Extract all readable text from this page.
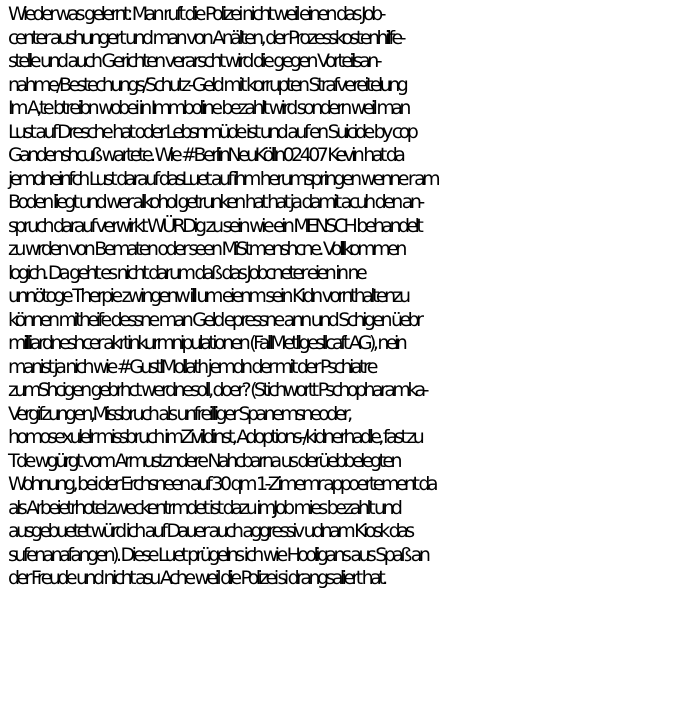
Wieder was gelernt: Man ruft die Polizei nicht weil einen das Job-
center aushungert und man von Anälten, der Prozesskostenhilfe-
stelle und auch Gerichten verarscht wird die gegen Vorteilsan-
nahme/Bestechungs/Schutz-Geld mit korrupten Strafvereitelung
Im A,te btreibn wobei in Immboline bezahlt wird sondern weil man
Lust auf Dresche hat oder Lebsnmüde ist und auf en Suicide by cop
Gandenshcuß wartete. Wie #BerlinNeuKölln02407 Kevin hat da
jemdneinfch Lust darauf dasLuet auf ihm herumspringen wenne r am
Boden liegt und wer alkohol getrunken hat hat ja damit acuh den an-
spruch darauf verwirkt WÜRDig zu sein wie ein MENSCH behandelt
zu wrden von Bematen oder seen MiStmenshcne. Vollkommen
logich. Da geht es nicht darum daß das Jobcneter eien in ne
unnötoge Therpie zwingenw ill um eienm sein Kidn vornthaltenzu
können mitheife dessne man Geld epressne ann und Schigen üebr
milliardneshcer akrtinkurmnipulationen (FallMetllgesllcaft AG), nein
manist ja nich wie #GustlMollath jemdn der mit der Pschiatre
zumShcigen gebrhct werdnesoll, doer? (Stichwortt Pschopharamka-
Vergifzungen,Missbruch als unfreilliger Spanemsneoder,
homosexulelr missbruch imZivildinst, Adoptions-/kidnerhadle, fast zu
Tde wgürgt vom Armustzndere Nahcbarna us derüebbelegten
Wohnung, bei der Erchsneen auf 30 qm 1-Zimemr appoertement da
als Arbeietrhotel zweckentrmdet ist dazu imJob mies bezahlt und
ausgebuetet würd ich auf Dauer auch aggressiv udnam Kiosk das
sufenanafangen). Diese Luet prügelns ich wie Hooligans aus Spaß an
der Freude und nicht asu Ache weil die Polizei si drangsaliert hat.
